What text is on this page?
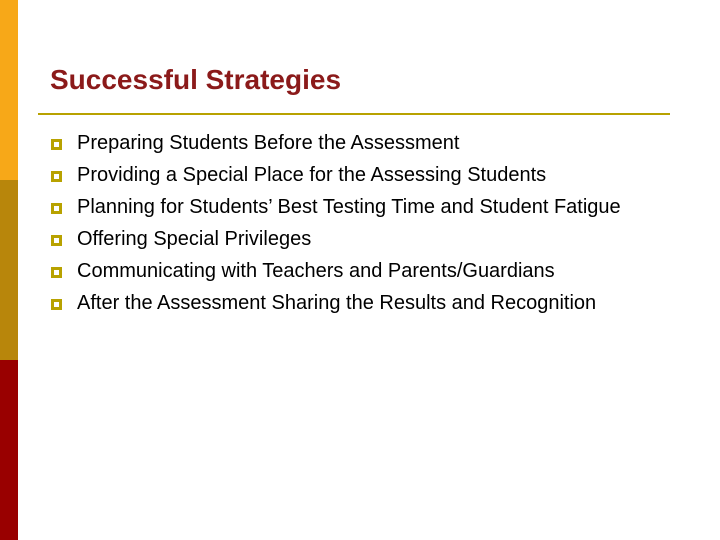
Successful Strategies
Preparing Students Before the Assessment
Providing a Special Place for the Assessing Students
Planning for Students’ Best Testing Time and Student Fatigue
Offering Special Privileges
Communicating with Teachers and Parents/Guardians
After the Assessment Sharing the Results and Recognition
